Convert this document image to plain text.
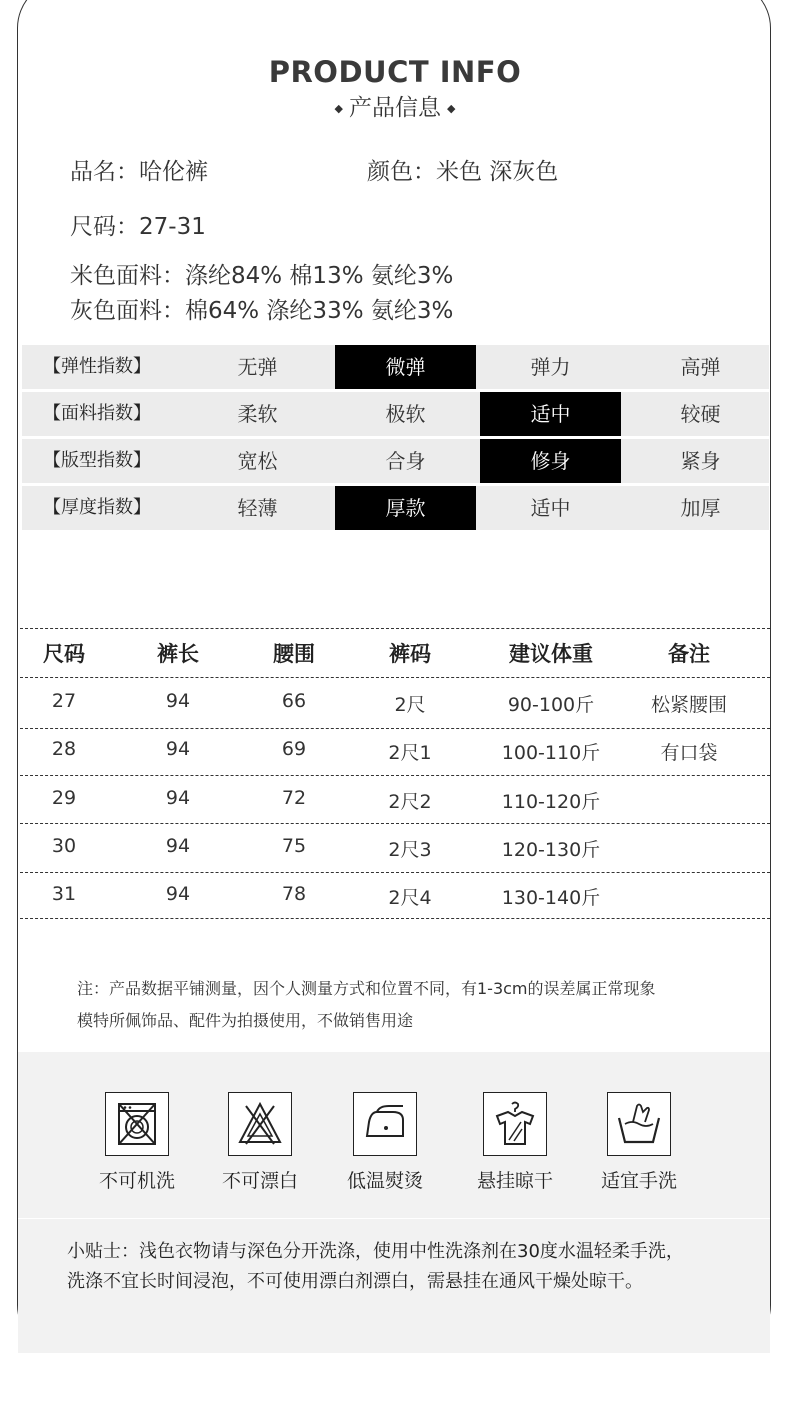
PRODUCT INFO
◆ 产品信息 ◆
品名：哈伦裤	颜色：米色 深灰色
尺码：27-31
米色面料：涤纶84% 棉13% 氨纶3%
灰色面料：棉64% 涤纶33% 氨纶3%
【弹性指数】	无弹	微弹	弹力	高弹
【面料指数】	柔软	极软	适中	较硬
【版型指数】	宽松	合身	修身	紧身
【厚度指数】	轻薄	厚款	适中	加厚
尺码	裤长	腰围	裤码	建议体重	备注
27	94	66	2尺	90-100斤	松紧腰围
28	94	69	2尺1	100-110斤	有口袋
29	94	72	2尺2	110-120斤
30	94	75	2尺3	120-130斤
31	94	78	2尺4	130-140斤
注：产品数据平铺测量，因个人测量方式和位置不同，有1-3cm的误差属正常现象
模特所佩饰品、配件为拍摄使用，不做销售用途
不可机洗	不可漂白	低温熨烫	悬挂晾干	适宜手洗
小贴士：浅色衣物请与深色分开洗涤，使用中性洗涤剂在30度水温轻柔手洗，
洗涤不宜长时间浸泡，不可使用漂白剂漂白，需悬挂在通风干燥处晾干。
